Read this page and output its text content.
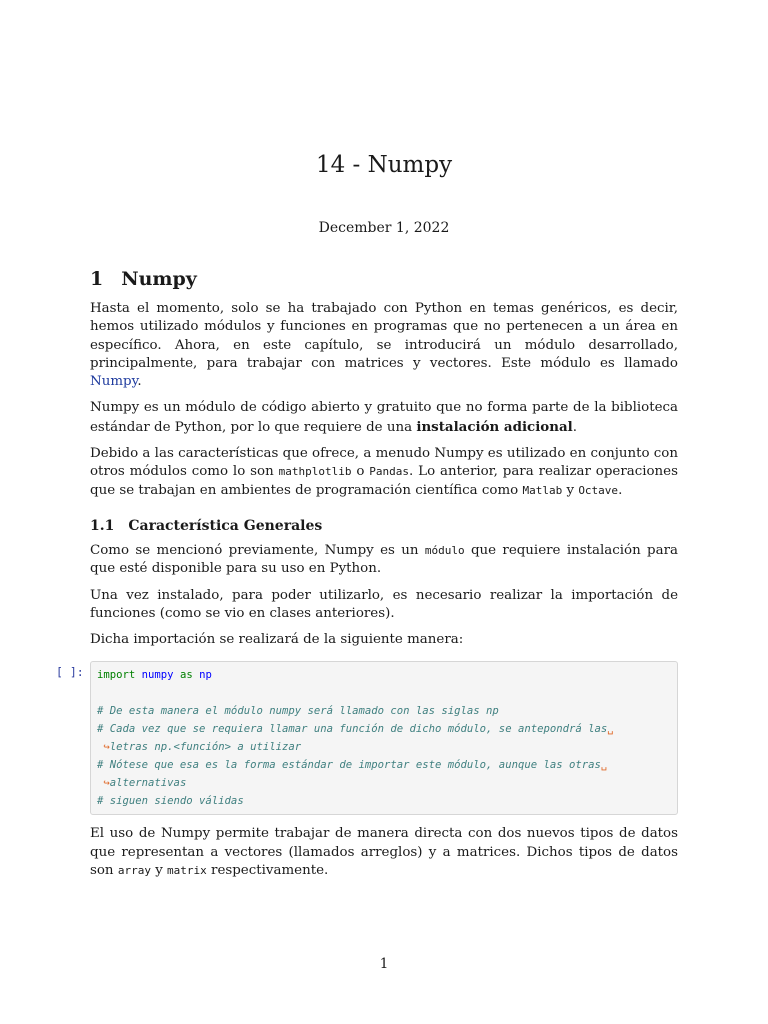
14 - Numpy
December 1, 2022
1 Numpy

Hasta el momento, solo se ha trabajado con Python en temas genéricos, es decir, hemos utilizado módulos y funciones en programas que no pertenecen a un área en específico. Ahora, en este capítulo, se introducirá un módulo desarrollado, principalmente, para trabajar con matrices y vectores. Este módulo es llamado Numpy.

Numpy es un módulo de código abierto y gratuito que no forma parte de la biblioteca estándar de Python, por lo que requiere de una instalación adicional.

Debido a las características que ofrece, a menudo Numpy es utilizado en conjunto con otros módulos como lo son mathplotlib o Pandas. Lo anterior, para realizar operaciones que se trabajan en ambientes de programación científica como Matlab y Octave.

1.1 Característica Generales

Como se mencionó previamente, Numpy es un módulo que requiere instalación para que esté disponible para su uso en Python.

Una vez instalado, para poder utilizarlo, es necesario realizar la importación de funciones (como se vio en clases anteriores).

Dicha importación se realizará de la siguiente manera:

[ ]: import numpy as np

# De esta manera el módulo numpy será llamado con las siglas np
# Cada vez que se requiera llamar una función de dicho módulo, se antepondrá las␣
↪letras np.<función> a utilizar
# Nótese que esa es la forma estándar de importar este módulo, aunque las otras␣
↪alternativas
# siguen siendo válidas

El uso de Numpy permite trabajar de manera directa con dos nuevos tipos de datos que representan a vectores (llamados arreglos) y a matrices. Dichos tipos de datos son array y matrix respectivamente.

1
